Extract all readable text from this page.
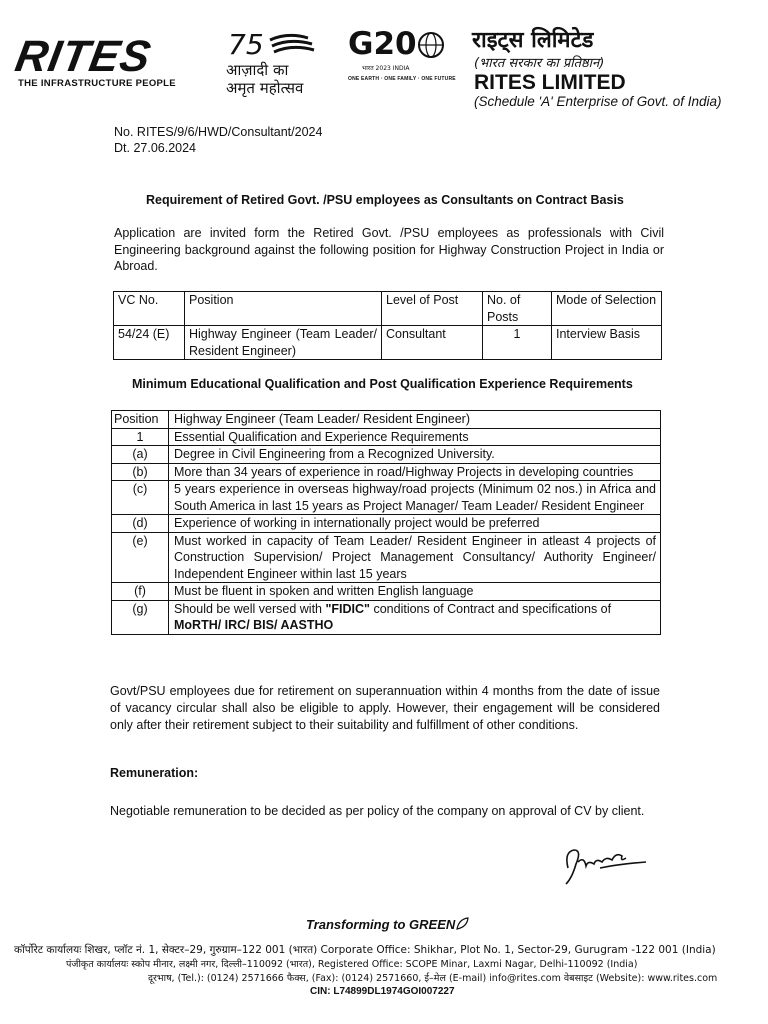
RITES
THE INFRASTRUCTURE PEOPLE
75
आज़ादी का
अमृत महोत्सव
G20
भारत 2023 INDIA
ONE EARTH · ONE FAMILY · ONE FUTURE
राइट्स लिमिटेड
(भारत सरकार का प्रतिष्ठान)
RITES LIMITED
(Schedule 'A' Enterprise of Govt. of India)
No. RITES/9/6/HWD/Consultant/2024
Dt. 27.06.2024
Requirement of Retired Govt. /PSU employees as Consultants on Contract Basis
Application are invited form the Retired Govt. /PSU employees as professionals with Civil Engineering background against the following position for Highway Construction Project in India or Abroad.
VC No.	Position	Level of Post	No. of Posts	Mode of Selection
54/24 (E)	Highway Engineer (Team Leader/ Resident Engineer)	Consultant	1	Interview Basis
Minimum Educational Qualification and Post Qualification Experience Requirements
Position	Highway Engineer (Team Leader/ Resident Engineer)
1	Essential Qualification and Experience Requirements
(a)	Degree in Civil Engineering from a Recognized University.
(b)	More than 34 years of experience in road/Highway Projects in developing countries
(c)	5 years experience in overseas highway/road projects (Minimum 02 nos.) in Africa and South America in last 15 years as Project Manager/ Team Leader/ Resident Engineer
(d)	Experience of working in internationally project would be preferred
(e)	Must worked in capacity of Team Leader/ Resident Engineer in atleast 4 projects of Construction Supervision/ Project Management Consultancy/ Authority Engineer/ Independent Engineer within last 15 years
(f)	Must be fluent in spoken and written English language
(g)	Should be well versed with "FIDIC" conditions of Contract and specifications of
MoRTH/ IRC/ BIS/ AASTHO
Govt/PSU employees due for retirement on superannuation within 4 months from the date of issue of vacancy circular shall also be eligible to apply. However, their engagement will be considered only after their retirement subject to their suitability and fulfillment of other conditions.
Remuneration:
Negotiable remuneration to be decided as per policy of the company on approval of CV by client.
Transforming to GREEN
कॉर्पोरेट कार्यालयः शिखर, प्लॉट नं. 1, सेक्टर–29, गुरुग्राम–122 001 (भारत) Corporate Office: Shikhar, Plot No. 1, Sector-29, Gurugram -122 001 (India)
पंजीकृत कार्यालयः स्कोप मीनार, लक्ष्मी नगर, दिल्ली–110092 (भारत), Registered Office: SCOPE Minar, Laxmi Nagar, Delhi-110092 (India)
दूरभाष, (Tel.): (0124) 2571666 फैक्स, (Fax): (0124) 2571660, ई–मेल (E-mail) info@rites.com वेबसाइट (Website): www.rites.com
CIN: L74899DL1974GOI007227
